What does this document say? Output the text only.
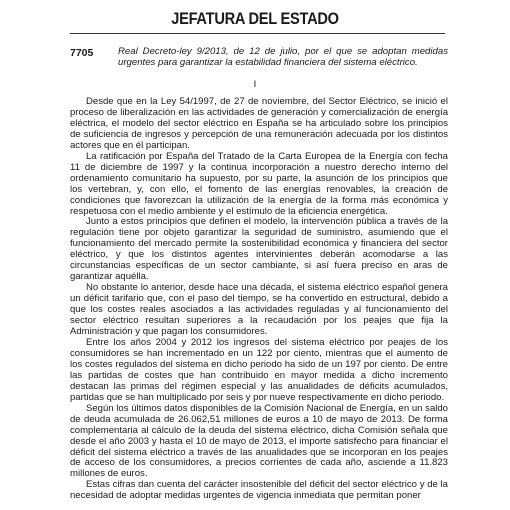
JEFATURA DEL ESTADO
7705	Real Decreto-ley 9/2013, de 12 de julio, por el que se adoptan medidas urgentes para garantizar la estabilidad financiera del sistema eléctrico.
I

Desde que en la Ley 54/1997, de 27 de noviembre, del Sector Eléctrico, se inició el proceso de liberalización en las actividades de generación y comercialización de energía eléctrica, el modelo del sector eléctrico en España se ha articulado sobre los principios de suficiencia de ingresos y percepción de una remuneración adecuada por los distintos actores que en él participan.

La ratificación por España del Tratado de la Carta Europea de la Energía con fecha 11 de diciembre de 1997 y la continua incorporación a nuestro derecho interno del ordenamiento comunitario ha supuesto, por su parte, la asunción de los principios que los vertebran, y, con ello, el fomento de las energías renovables, la creación de condiciones que favorezcan la utilización de la energía de la forma más económica y respetuosa con el medio ambiente y el estímulo de la eficiencia energética.

Junto a estos principios que definen el modelo, la intervención pública a través de la regulación tiene por objeto garantizar la seguridad de suministro, asumiendo que el funcionamiento del mercado permite la sostenibilidad económica y financiera del sector eléctrico, y que los distintos agentes intervinientes deberán acomodarse a las circunstancias específicas de un sector cambiante, si así fuera preciso en aras de garantizar aquélla.

No obstante lo anterior, desde hace una década, el sistema eléctrico español genera un déficit tarifario que, con el paso del tiempo, se ha convertido en estructural, debido a que los costes reales asociados a las actividades reguladas y al funcionamiento del sector eléctrico resultan superiores a la recaudación por los peajes que fija la Administración y que pagan los consumidores.

Entre los años 2004 y 2012 los ingresos del sistema eléctrico por peajes de los consumidores se han incrementado en un 122 por ciento, mientras que el aumento de los costes regulados del sistema en dicho periodo ha sido de un 197 por ciento. De entre las partidas de costes que han contribuido en mayor medida a dicho incremento destacan las primas del régimen especial y las anualidades de déficits acumulados, partidas que se han multiplicado por seis y por nueve respectivamente en dicho periodo.

Según los últimos datos disponibles de la Comisión Nacional de Energía, en un saldo de deuda acumulada de 26.062,51 millones de euros a 10 de mayo de 2013. De forma complementaria al cálculo de la deuda del sistema eléctrico, dicha Comisión señala que desde el año 2003 y hasta el 10 de mayo de 2013, el importe satisfecho para financiar el déficit del sistema eléctrico a través de las anualidades que se incorporan en los peajes de acceso de los consumidores, a precios corrientes de cada año, asciende a 11.823 millones de euros.

Estas cifras dan cuenta del carácter insostenible del déficit del sector eléctrico y de la necesidad de adoptar medidas urgentes de vigencia inmediata que permitan poner
